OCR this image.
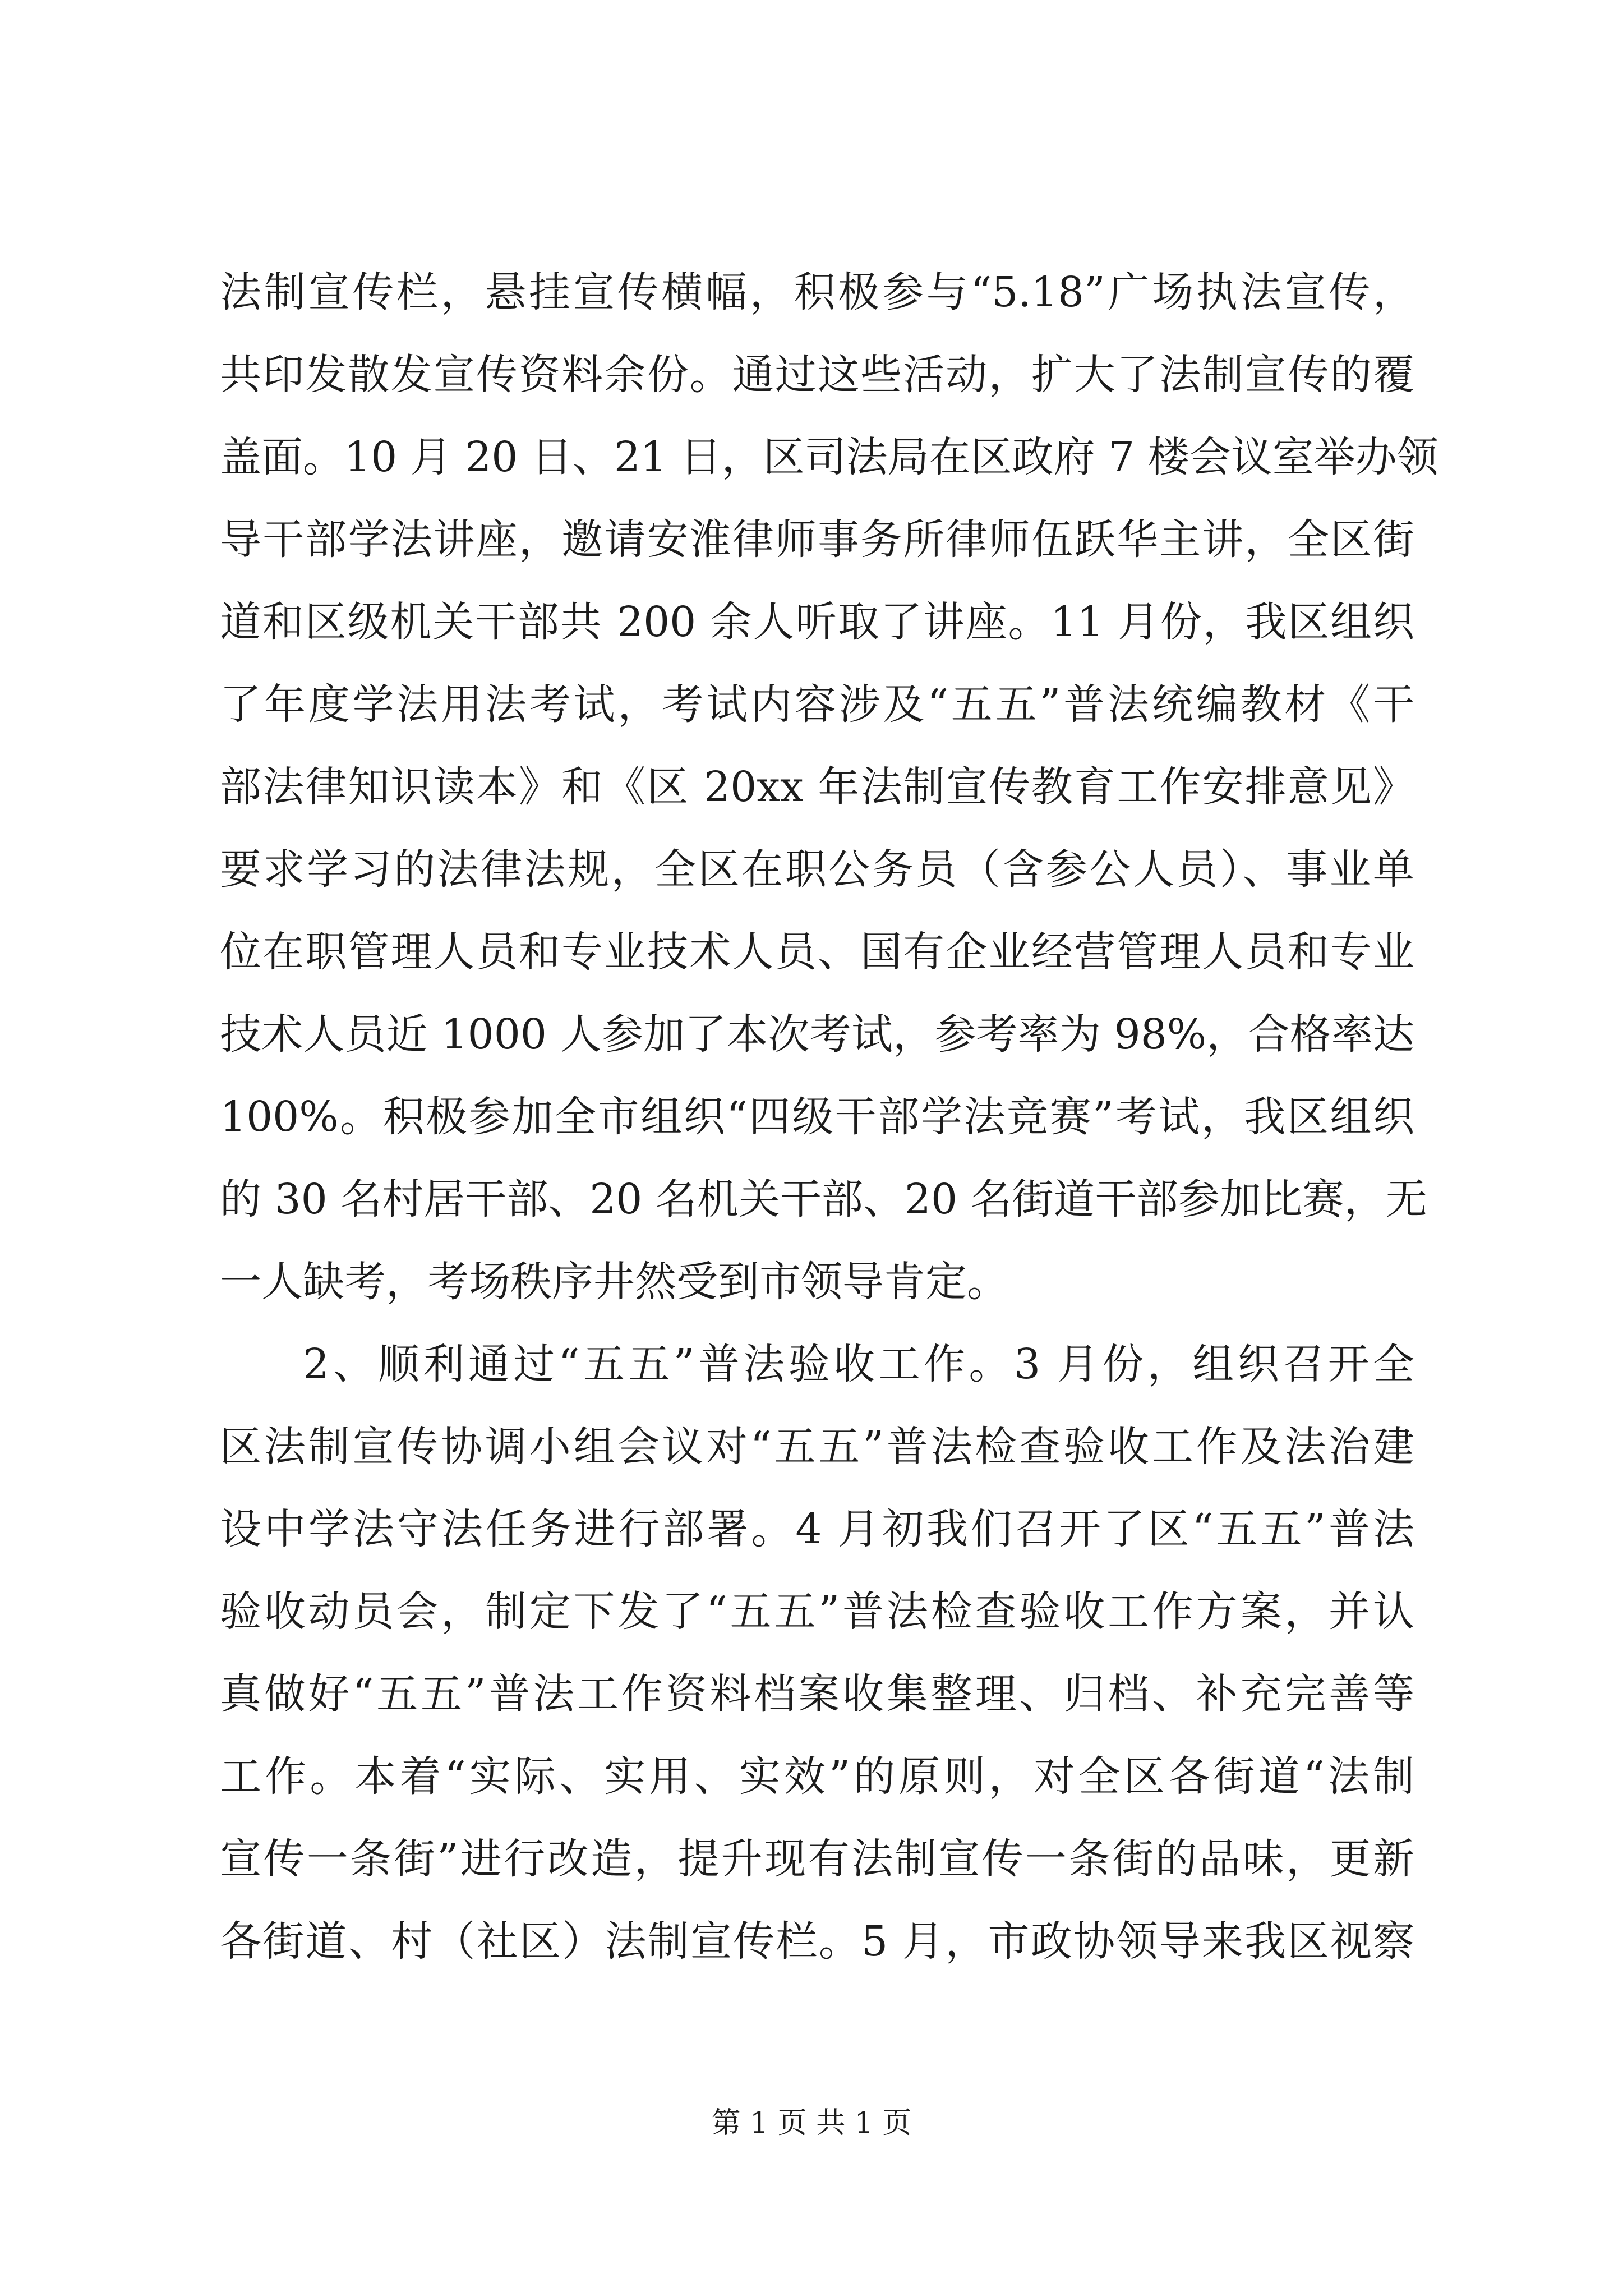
法制宣传栏，悬挂宣传横幅，积极参与“5.18”广场执法宣传，
共印发散发宣传资料余份。通过这些活动，扩大了法制宣传的覆
盖面。10 月 20 日、21 日，区司法局在区政府 7 楼会议室举办领
导干部学法讲座，邀请安淮律师事务所律师伍跃华主讲，全区街
道和区级机关干部共 200 余人听取了讲座。11 月份，我区组织
了年度学法用法考试，考试内容涉及“五五”普法统编教材《干
部法律知识读本》和《区 20xx 年法制宣传教育工作安排意见》
要求学习的法律法规，全区在职公务员（含参公人员）、事业单
位在职管理人员和专业技术人员、国有企业经营管理人员和专业
技术人员近 1000 人参加了本次考试，参考率为 98%，合格率达
100%。积极参加全市组织“四级干部学法竞赛”考试，我区组织
的 30 名村居干部、20 名机关干部、20 名街道干部参加比赛，无
一人缺考，考场秩序井然受到市领导肯定。
2、顺利通过“五五”普法验收工作。3 月份，组织召开全
区法制宣传协调小组会议对“五五”普法检查验收工作及法治建
设中学法守法任务进行部署。4 月初我们召开了区“五五”普法
验收动员会，制定下发了“五五”普法检查验收工作方案，并认
真做好“五五”普法工作资料档案收集整理、归档、补充完善等
工作。本着“实际、实用、实效”的原则，对全区各街道“法制
宣传一条街”进行改造，提升现有法制宣传一条街的品味，更新
各街道、村（社区）法制宣传栏。5 月，市政协领导来我区视察
第 1 页 共 1 页
